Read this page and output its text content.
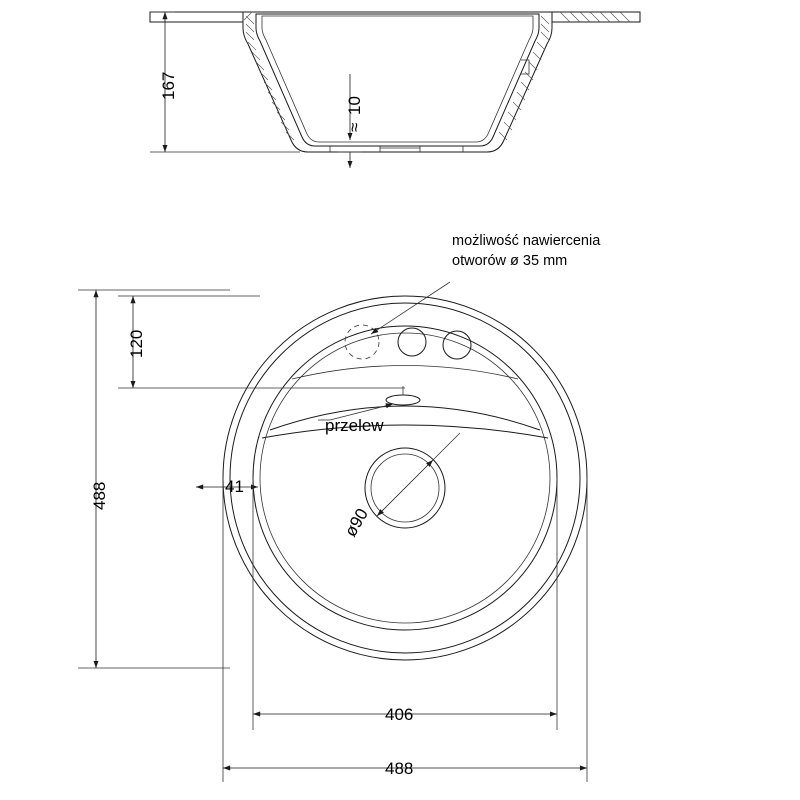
167
10
≈
możliwość nawiercenia
otworów ø 35 mm
120
488
przelew
41
ø90
406
488
